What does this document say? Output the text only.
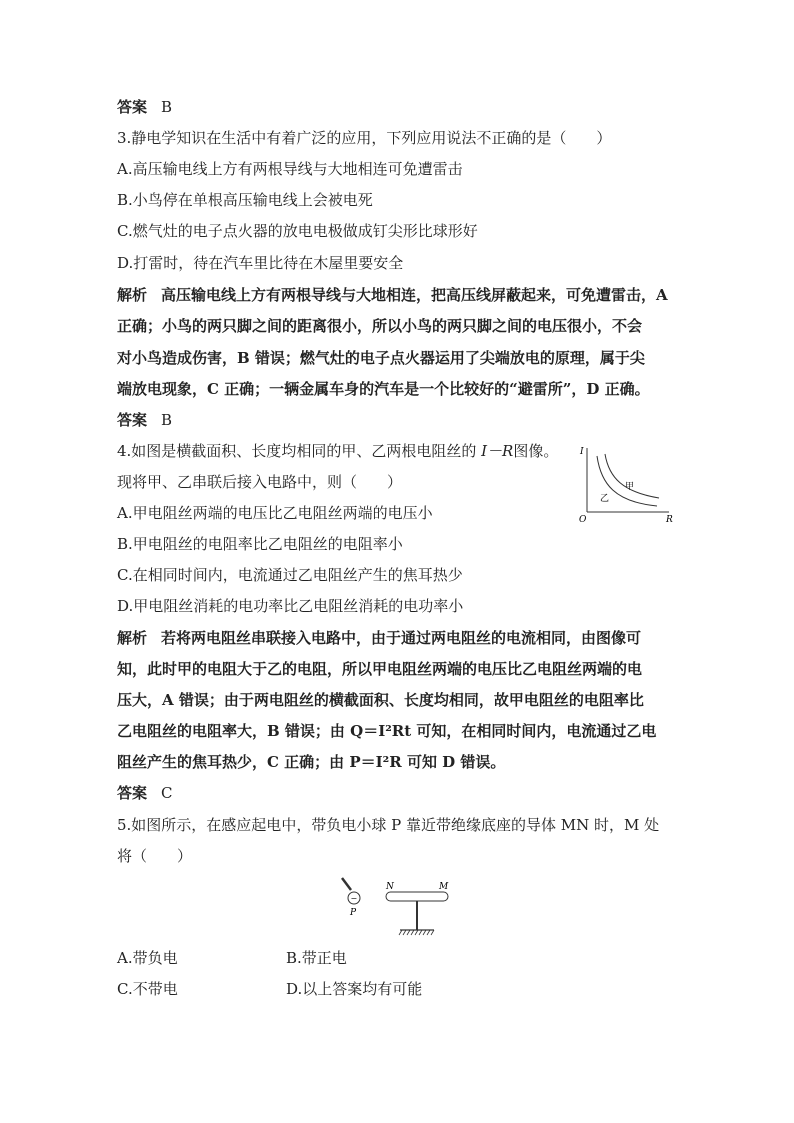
答案 B
3.静电学知识在生活中有着广泛的应用，下列应用说法不正确的是（　　）
A.高压输电线上方有两根导线与大地相连可免遭雷击
B.小鸟停在单根高压输电线上会被电死
C.燃气灶的电子点火器的放电电极做成钉尖形比球形好
D.打雷时，待在汽车里比待在木屋里要安全
解析 高压输电线上方有两根导线与大地相连，把高压线屏蔽起来，可免遭雷击，A
正确；小鸟的两只脚之间的距离很小，所以小鸟的两只脚之间的电压很小，不会
对小鸟造成伤害，B 错误；燃气灶的电子点火器运用了尖端放电的原理，属于尖
端放电现象，C 正确；一辆金属车身的汽车是一个比较好的“避雷所”，D 正确。
答案 B
4.如图是横截面积、长度均相同的甲、乙两根电阻丝的 I－R图像。
现将甲、乙串联后接入电路中，则（　　）
A.甲电阻丝两端的电压比乙电阻丝两端的电压小
B.甲电阻丝的电阻率比乙电阻丝的电阻率小
C.在相同时间内，电流通过乙电阻丝产生的焦耳热少
D.甲电阻丝消耗的电功率比乙电阻丝消耗的电功率小
I
R
O
甲
乙
解析 若将两电阻丝串联接入电路中，由于通过两电阻丝的电流相同，由图像可
知，此时甲的电阻大于乙的电阻，所以甲电阻丝两端的电压比乙电阻丝两端的电
压大，A 错误；由于两电阻丝的横截面积、长度均相同，故甲电阻丝的电阻率比
乙电阻丝的电阻率大，B 错误；由 Q＝I²Rt 可知，在相同时间内，电流通过乙电
阻丝产生的焦耳热少，C 正确；由 P＝I²R 可知 D 错误。
答案 C
5.如图所示，在感应起电中，带负电小球 P 靠近带绝缘底座的导体 MN 时，M 处
将（　　）
−
P
N	M
A.带负电	B.带正电
C.不带电	D.以上答案均有可能
